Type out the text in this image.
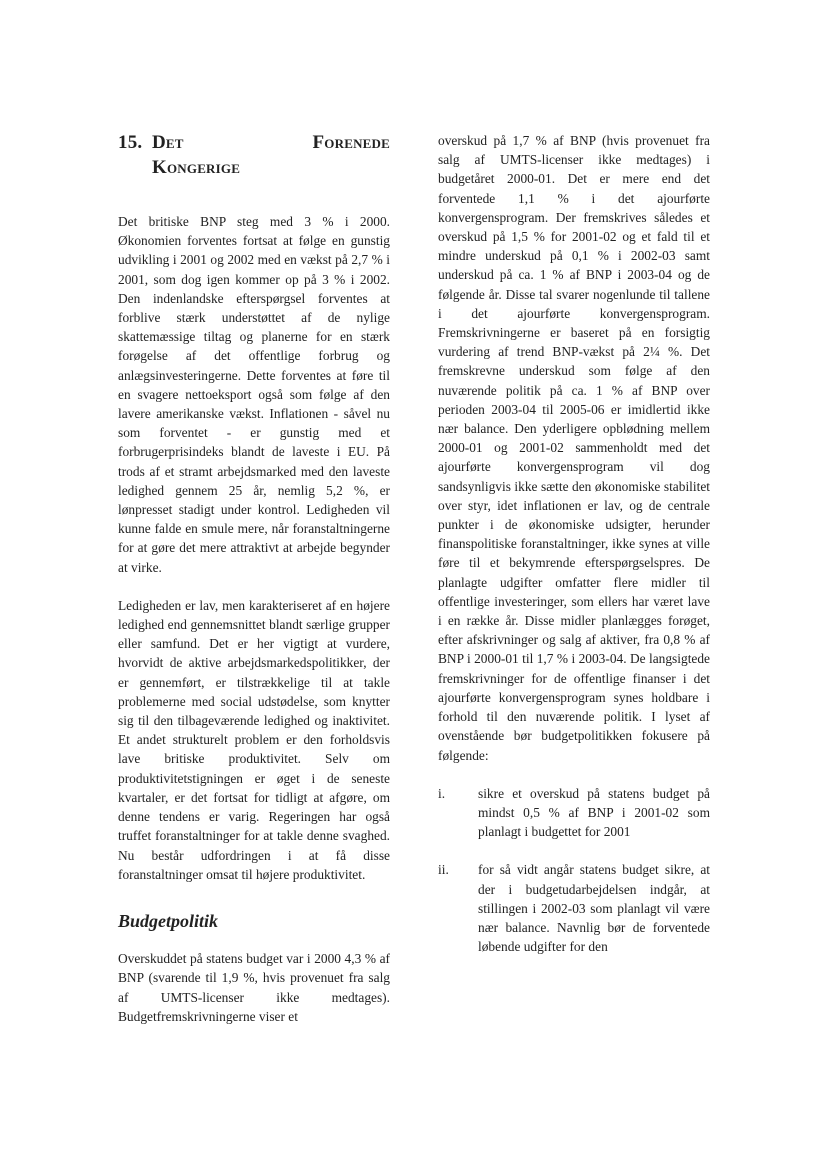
15. Det	Forenede
Kongerige

Det britiske BNP steg med 3 % i 2000. Økonomien forventes fortsat at følge en gunstig udvikling i 2001 og 2002 med en vækst på 2,7 % i 2001, som dog igen kommer op på 3 % i 2002. Den indenlandske efterspørgsel forventes at forblive stærk understøttet af de nylige skattemæssige tiltag og planerne for en stærk forøgelse af det offentlige forbrug og anlægsinvesteringerne. Dette forventes at føre til en svagere nettoeksport også som følge af den lavere amerikanske vækst. Inflationen - såvel nu som forventet - er gunstig med et forbrugerprisindeks blandt de laveste i EU. På trods af et stramt arbejdsmarked med den laveste ledighed gennem 25 år, nemlig 5,2 %, er lønpresset stadigt under kontrol. Ledigheden vil kunne falde en smule mere, når foranstaltningerne for at gøre det mere attraktivt at arbejde begynder at virke.

Ledigheden er lav, men karakteriseret af en højere ledighed end gennemsnittet blandt særlige grupper eller samfund. Det er her vigtigt at vurdere, hvorvidt de aktive arbejdsmarkedspolitikker, der er gennemført, er tilstrækkelige til at takle problemerne med social udstødelse, som knytter sig til den tilbageværende ledighed og inaktivitet. Et andet strukturelt problem er den forholdsvis lave britiske produktivitet. Selv om produktivitetstigningen er øget i de seneste kvartaler, er det fortsat for tidligt at afgøre, om denne tendens er varig. Regeringen har også truffet foranstaltninger for at takle denne svaghed. Nu består udfordringen i at få disse foranstaltninger omsat til højere produktivitet.

Budgetpolitik

Overskuddet på statens budget var i 2000 4,3 % af BNP (svarende til 1,9 %, hvis provenuet fra salg af UMTS-licenser ikke medtages). Budgetfremskrivningerne viser et

overskud på 1,7 % af BNP (hvis provenuet fra salg af UMTS-licenser ikke medtages) i budgetåret 2000-01. Det er mere end det forventede 1,1 % i det ajourførte konvergensprogram. Der fremskrives således et overskud på 1,5 % for 2001-02 og et fald til et mindre underskud på 0,1 % i 2002-03 samt underskud på ca. 1 % af BNP i 2003-04 og de følgende år. Disse tal svarer nogenlunde til tallene i det ajourførte konvergensprogram. Fremskrivningerne er baseret på en forsigtig vurdering af trend BNP-vækst på 2¼ %. Det fremskrevne underskud som følge af den nuværende politik på ca. 1 % af BNP over perioden 2003-04 til 2005-06 er imidlertid ikke nær balance. Den yderligere opblødning mellem 2000-01 og 2001-02 sammenholdt med det ajourførte konvergensprogram vil dog sandsynligvis ikke sætte den økonomiske stabilitet over styr, idet inflationen er lav, og de centrale punkter i de økonomiske udsigter, herunder finanspolitiske foranstaltninger, ikke synes at ville føre til et bekymrende efterspørgselspres. De planlagte udgifter omfatter flere midler til offentlige investeringer, som ellers har været lave i en række år. Disse midler planlægges forøget, efter afskrivninger og salg af aktiver, fra 0,8 % af BNP i 2000-01 til 1,7 % i 2003-04. De langsigtede fremskrivninger for de offentlige finanser i det ajourførte konvergensprogram synes holdbare i forhold til den nuværende politik. I lyset af ovenstående bør budgetpolitikken fokusere på følgende:

i.	sikre et overskud på statens budget på mindst 0,5 % af BNP i 2001-02 som planlagt i budgettet for 2001
ii.	for så vidt angår statens budget sikre, at der i budgetudarbejdelsen indgår, at stillingen i 2002-03 som planlagt vil være nær balance. Navnlig bør de forventede løbende udgifter for den
